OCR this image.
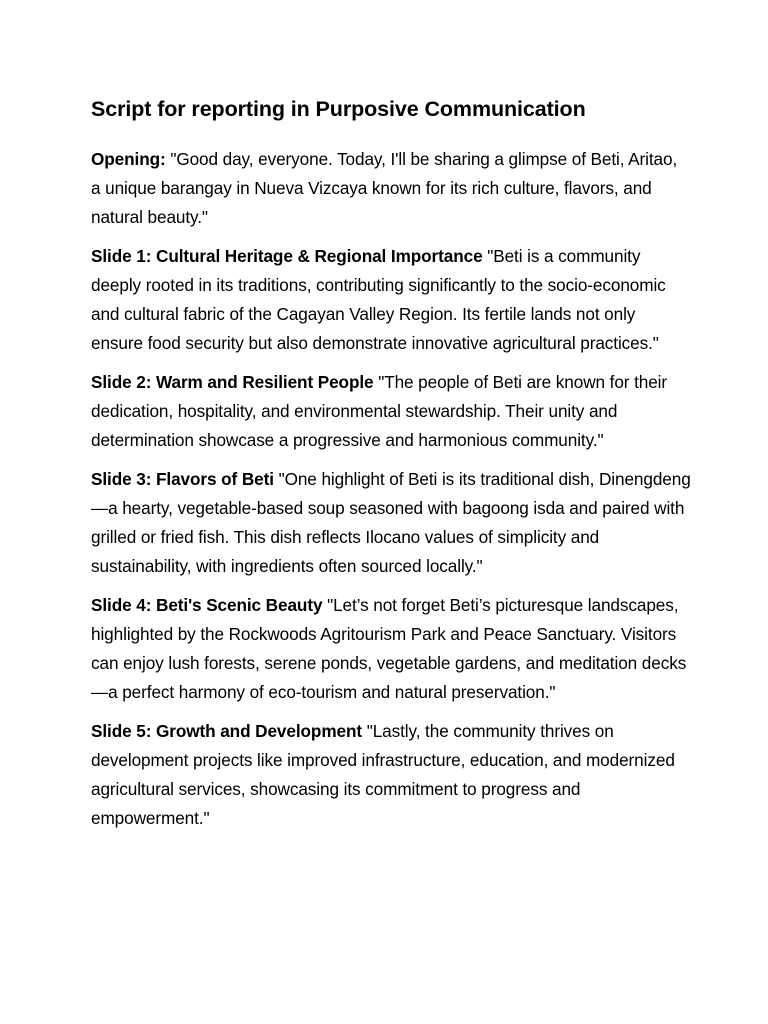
Script for reporting in Purposive Communication

Opening: "Good day, everyone. Today, I'll be sharing a glimpse of Beti, Aritao, a unique barangay in Nueva Vizcaya known for its rich culture, flavors, and natural beauty."

Slide 1: Cultural Heritage & Regional Importance "Beti is a community deeply rooted in its traditions, contributing significantly to the socio-economic and cultural fabric of the Cagayan Valley Region. Its fertile lands not only ensure food security but also demonstrate innovative agricultural practices."

Slide 2: Warm and Resilient People "The people of Beti are known for their dedication, hospitality, and environmental stewardship. Their unity and determination showcase a progressive and harmonious community."

Slide 3: Flavors of Beti "One highlight of Beti is its traditional dish, Dinengdeng—a hearty, vegetable-based soup seasoned with bagoong isda and paired with grilled or fried fish. This dish reflects Ilocano values of simplicity and sustainability, with ingredients often sourced locally."

Slide 4: Beti's Scenic Beauty "Let’s not forget Beti’s picturesque landscapes, highlighted by the Rockwoods Agritourism Park and Peace Sanctuary. Visitors can enjoy lush forests, serene ponds, vegetable gardens, and meditation decks—a perfect harmony of eco-tourism and natural preservation."

Slide 5: Growth and Development "Lastly, the community thrives on development projects like improved infrastructure, education, and modernized agricultural services, showcasing its commitment to progress and empowerment."
